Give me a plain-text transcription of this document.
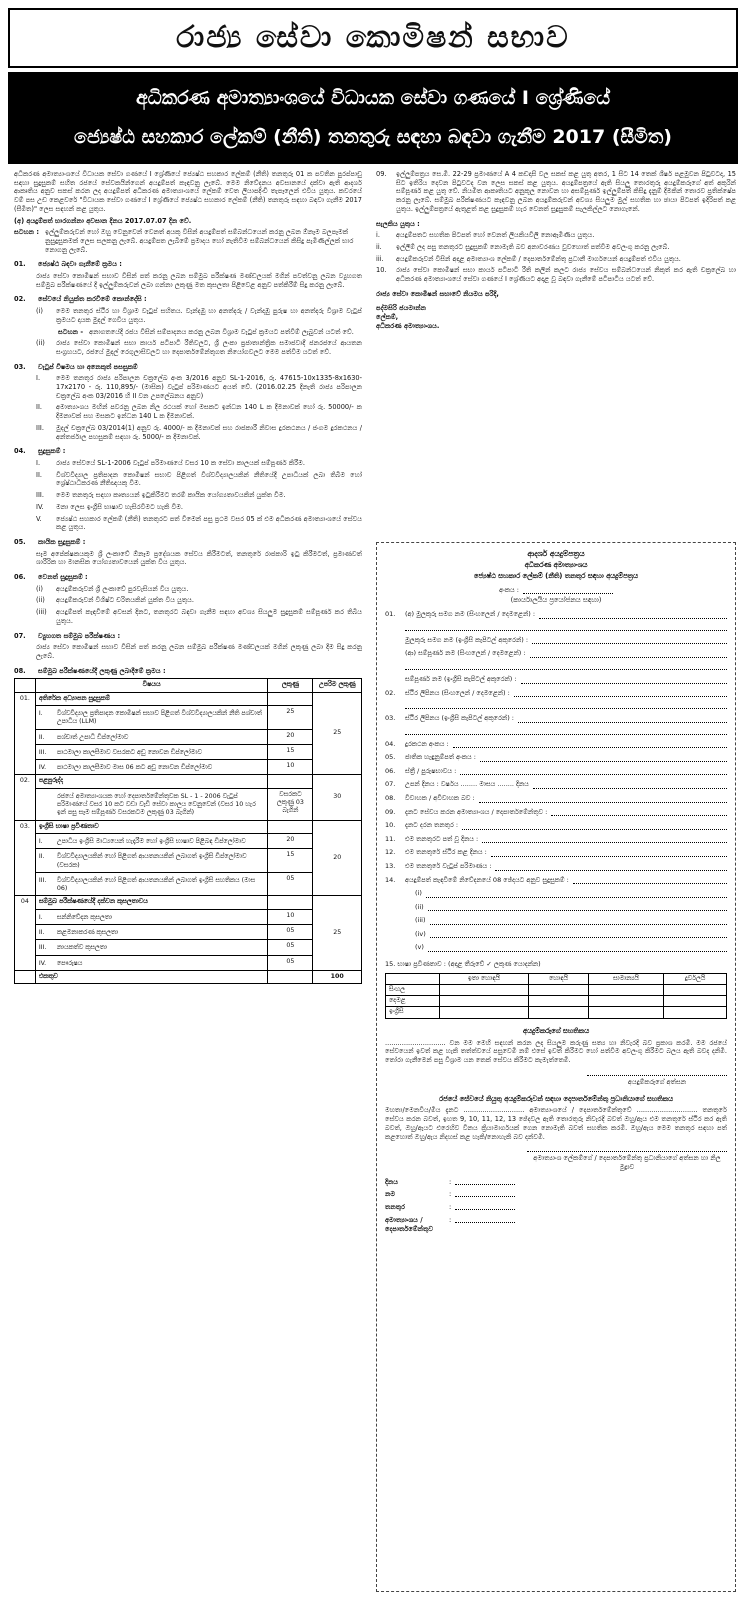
රාජ්‍ය සේවා කොමිෂන් සභාව
අධිකරණ අමාත්‍යාංශයේ විධායක සේවා ගණයේ I ශ්‍රේණියේ
ජ්‍යෙෂ්ඨ සහකාර ලේකම් (නීති) තනතුරු සඳහා බඳවා ගැනීම 2017 (සීමිත)

අධිකරණ අමාත්‍යාංශයේ විධායක සේවා ගණයේ I ශ්‍රේණියේ ජ්‍යෙෂ්ඨ සහකාර ලේකම් (නීති) තනතුරු 01 ක පවතින පුරප්පාඩු සඳහා සුදුසුකම් සහිත රජයේ සේවකයින්ගෙන් අයදුම්පත් කැඳවනු ලැබේ. මෙම නිවේදනය අවසානයේ දක්වා ඇති ආදර්ශ ආකෘතිය අනුව සකස් කරන ලද අයදුම්පත් අධිකරණ අමාත්‍යාංශයේ ලේකම් වෙත ලියාපදිංචි තැපෑලෙන් එවිය යුතුය. කවරයේ වම් පස උඩ කෙළවරේ "විධායක සේවා ගණයේ I ශ්‍රේණියේ ජ්‍යෙෂ්ඨ සහකාර ලේකම් (නීති) තනතුරු සඳහා බඳවා ගැනීම 2017 (සීමිත)" ලෙස සඳහන් කළ යුතුය.

(අ) අයදුම්පත් භාරගන්නා අවසාන දිනය 2017.07.07 දින වේ.

සටහන : ඉල්ලුම්කරුවන් හෝ ඔහු වෙනුවෙන් වෙනත් අයකු විසින් අයදුම්පත් සම්බන්ධයෙන් කරනු ලබන ඕනෑම බලපෑමක් නුසුදුසුකමක් ලෙස සලකනු ලැබේ. අයදුම්පත ලැබීමේ ප්‍රමාදය හෝ නැතිවීම සම්බන්ධයෙන් කිසිදු පැමිණිල්ලක් භාර නොගනු ලැබේ.
01.	ජ්‍යෙෂ්ඨ බඳවා ගැනීමේ ක්‍රමය :

රාජ්‍ය සේවා කොමිෂන් සභාව විසින් පත් කරනු ලබන සම්මුඛ පරීක්ෂණ මණ්ඩලයක් මගින් පවත්වනු ලබන ව්‍යුහගත සම්මුඛ පරීක්ෂණයේ දී ඉල්ලුම්කරුවන් ලබා ගන්නා ලකුණු මත කුසලතා පිළිවෙළ අනුව පත්කිරීම් සිදු කරනු ලැබේ.

02.	සේවයේ නියුක්ත කරවීමේ කොන්දේසි :
(i)	මෙම තනතුර ස්ථිර හා විශ්‍රාම වැටුප් සහිතය. වැන්දඹු හා අනත්දරු / වැන්දඹු පුරුෂ හා අනත්දරු විශ්‍රාම වැටුප් ක්‍රමයට දායක මුදල් ගෙවිය යුතුය.
සටහන - අනාගතයේදී රජය විසින් සම්පාදනය කරනු ලබන විශ්‍රාම වැටුප් ක්‍රමයට පත්වීම් ලැබුවන් යටත් වේ.
(ii)	රාජ්‍ය සේවා කොමිෂන් සභා කාර්ය පටිපාටි රීතිවලට, ශ්‍රී ලංකා ප්‍රජාතාන්ත්‍රික සමාජවාදී ජනරජයේ ආයතන සංග්‍රහයට, රජයේ මුදල් රෙගුලාසිවලට හා දෙපාර්තමේන්තුගත නියෝගවලට මෙම පත්වීම යටත් වේ.
03.	වැටුප් විෂමය හා අනෙකුත් පසසුකම්
I.	මෙම තනතුර රාජ්‍ය පරිපාලන චක්‍රලේඛ අංක 3/2016 අනුව SL-1-2016, රු. 47615-10x1335-8x1630-17x2170 - රු. 110,895/- (මාසික) වැටුප් පරිමාණයට අයත් වේ. (2016.02.25 දිනැති රාජ්‍ය පරිපාලන චක්‍රලේඛ අංක 03/2016 හි II වන උපලේඛනය අනුව)
II.	අමාත්‍යාංශය මඟින් පවරනු ලබන නිල රථයක් හෝ මසකට ඉන්ධන 140 L ක දීමනාවක් හෝ රු. 50000/- ක දීමනාවක් සහ මසකට ඉන්ධන 140 L ක දීමනාවක්.
III.	මුදල් චක්‍රලේඛ 03/2014(1) අනුව රු. 4000/- ක දීමනාවක් සහ රාජකාරී නිවාස දුරකථනය / ජංගම දුරකථනය / අන්තර්ජාල පහසුකම් සඳහා රු. 5000/- ක දීමනාවක්.
04.	සුදුසුකම් :
I.	රාජ්‍ය සේවයේ SL-1-2006 වැටුප් පරිමාණයේ වසර 10 ක සේවා කාලයක් සම්පූර්ණ කිරීම.
II.	විශ්වවිද්‍යාල ප්‍රතිපාදන කොමිෂන් සභාව පිළිගත් විශ්වවිද්‍යාලයකින් නීතියේදී උපාධියක් ලබා තිබීම හෝ ශ්‍රේෂ්ඨාධිකරණ නීතිඥයකු වීම.
III.	මෙම තනතුරු සඳහා කෘත්‍යයන් ඉටුකිරීමට තරම් කායික යෝග්‍යතාවයකින් යුක්ත වීම.
IV.	මනා ලෙස ඉංග්‍රීසි භාෂාව හැසිරවීමට හැකි වීම.
V.	ජ්‍යෙෂ්ඨ සහකාර ලේකම් (නීති) තනතුරට පත් වීමෙන් පසු ප්‍රථම වසර 05 ක් එම අධිකරණ අමාත්‍යාංශයේ සේවය කළ යුතුය.
05.	කායික සුදුසුකම් :

සෑම අපේක්ෂකයකුම ශ්‍රී ලංකාවේ ඕනෑම ප්‍රදේශයක සේවය කිරීමටත්, තනතුරේ රාජකාරි ඉටු කිරීමටත්, ප්‍රමාණවත් ශාරීරික හා මානසික යෝග්‍යතාවයෙන් යුක්ත විය යුතුය.

06.	වෙනත් සුදුසුකම් :
(i)	අයදුම්කරුවන් ශ්‍රී ලංකාවේ පුරවැසියන් විය යුතුය.
(ii)	අයදුම්කරුවන් විශිෂ්ට චරිතයකින් යුක්ත විය යුතුය.
(iii)	අයදුම්පත් කැඳවීමේ අවසන් දිනට, තනතුරට බඳවා ගැනීම සඳහා අවශ්‍ය සියලුම සුදුසුකම් සම්පූර්ණ කර තිබිය යුතුය.
07.	ව්‍යුහගත සම්මුඛ පරීක්ෂණය :

රාජ්‍ය සේවා කොමිෂන් සභාව විසින් පත් කරනු ලබන සම්මුඛ පරීක්ෂණ මණ්ඩලයක් මගින් ලකුණු ලබා දීම සිදු කරනු ලැබේ.

08.	සම්මුඛ පරීක්ෂණයේදී ලකුණු ලබාදීමේ ක්‍රමය :
	විෂයය	ලකුණු	උපරිම ලකුණු
01.	අතිරේක අධ්‍යාපන සුදුසුකම්		25

	I. විශ්වවිද්‍යාල ප්‍රතිපාදන කොමිෂන් සභාව පිළිගත් විශ්වවිද්‍යාලයකින් නීති පශ්චාත් උපාධිය (LLM)	25	

	II. පශ්චාත් උපාධි ඩිප්ලෝමාව	20	

	III. පාඨමාලා කාලසීමාව වසරකට අඩු නොවන ඩිප්ලෝමාව	15	

	IV. පාඨමාලා කාලසීමාව මාස 06 කට අඩු නොවන ඩිප්ලෝමාව	10	
02.	පළපුරුද්ද		30

	රජයේ අමාත්‍යාංශයක හෝ දෙපාර්තමේන්තුවක SL - 1 - 2006 වැටුප් පරිමාණයේ වසර 10 කට වඩා වැඩි සේවා කාලය වෙනුවෙන් (වසර 10 හැර ඉන් පසු සෑම සම්පූර්ණ වසරකටම ලකුණු 03 බැගින්)	වසරකට ලකුණු 03 බැගින්	
03.	ඉංග්‍රීසි භාෂා ප්‍රවීණතාව		20

	I. උපාධිය ඉංග්‍රීසි මාධ්‍යයෙන් හැදෑරීම හෝ ඉංග්‍රීසි භාෂාව පිළිබඳ ඩිප්ලෝමාව	20	

	II. විශ්වවිද්‍යාලයකින් හෝ පිළිගත් ආයතනයකින් ලබාගත් ඉංග්‍රීසි ඩිප්ලෝමාව (වසරක)	15	

	III. විශ්වවිද්‍යාලයකින් හෝ පිළිගත් ආයතනයකින් ලබාගත් ඉංග්‍රීසි සහතිකය (මාස 06)	05	
04	සම්මුඛ පරීක්ෂණයේදී දක්වන කුසලතාවය		25

	I. සන්නිවේදන කුසලතා	10	

	II. කළමනාකරණ කුසලතා	05	

	III. නායකත්ව කුසලතා	05	

	IV. පෞරුෂය	05	
	එකතුව		100
09.	ඉල්ලුම්පත්‍රය සෙ.මී. 22-29 ප්‍රමාණයේ A 4 කඩදාසි වල සකස් කළ යුතු අතර, 1 සිට 14 තෙක් ශීර්ෂ පළමුවන පිටුවටද, 15 සිට ඉතිරිය දෙවන පිටුවටද වන ලෙස සකස් කළ යුතුය. අයදුම්පත්‍රයේ ඇති සියලු තොරතුරු අයදුම්කරුගේ අත් අකුරින් සම්පූර්ණ කළ යුතු වේ. නියමිත ආකෘතියට අනුකූල නොවන හා අසම්පූර්ණ ඉල්ලුම්පත් කිසිදු දැනුම් දීමකින් තොරව ප්‍රතික්ෂේප කරනු ලැබේ. සම්මුඛ පරීක්ෂණයට කැඳවනු ලබන අයදුම්කරුවන් අවශ්‍ය සියලුම මුල් සහතික හා ඡායා පිටපත් ඉදිරිපත් කළ යුතුය. ඉල්ලුම්පත්‍රයේ ඇතුළත් කළ සුදුසුකම් හැර වෙනත් සුදුසුකම් සැලකිල්ලට නොගැනේ.
සැලකිය යුතුය :
i.	අයදුම්පතට සහතික පිටපත් හෝ වෙනත් ලියකියවිලි නොඇමිණිය යුතුය.
ii.	ඉල්ලීම් ලද පසු තනතුරට සුදුසුකම් නොමැති බව අනාවරණය වුවහොත් පත්වීම අවලංගු කරනු ලැබේ.
iii.	අයදුම්කරුවන් විසින් අදාළ අමාත්‍යාංශ ලේකම් / දෙපාර්තමේන්තු ප්‍රධානී මාර්ගයෙන් අයදුම්පත් එවිය යුතුය.
10.	රාජ්‍ය සේවා කොමිෂන් සභා කාර්ය පටිපාටි රීති කලින් කලට රාජ්‍ය සේවය සම්බන්ධයෙන් නිකුත් කර ඇති චක්‍රලේඛ හා අධිකරණ අමාත්‍යාංශයේ සේවා ගණයේ I ශ්‍රේණියට අදාළ වූ බඳවා ගැනීමේ පටිපාටිය යටත් වේ.

රාජ්‍ය සේවා කොමිෂන් සභාවේ නියමය පරිදි,

පද්මසිරි ජයමාන්න

ලේකම්,

අධිකරණ අමාත්‍යාංශය.

ආදර්ශ අයදුම්පත්‍රය
අධිකරණ අමාත්‍යාංශය
ජ්‍යෙෂ්ඨ සහකාර ලේකම් (නීති) තනතුර සඳහා අයදුම්පත්‍රය
අංකය :
(කාර්යාලයීය ප්‍රයෝජනය සඳහා)
01.	(අ) මුලකුරු සමග නම (සිංහලෙන් / දෙමළෙන්) :
මුලකුරු සමග නම (ඉංග්‍රීසි කැපිටල් අකුරෙන්) :
(ආ) සම්පූර්ණ නම (සිංහලෙන් / දෙමළෙන්) :
සම්පූර්ණ නම (ඉංග්‍රීසි කැපිටල් අකුරෙන්) :
02.	ස්ථිර ලිපිනය (සිංහලෙන් / දෙමළෙන්) :
03.	ස්ථිර ලිපිනය (ඉංග්‍රීසි කැපිටල් අකුරෙන්) :
04.	දුරකථන අංකය :
05.	ජාතික හැඳුනුම්පත් අංකය :
06.	ස්ත්‍රී / පුරුෂභාවය :
07.	උපන් දිනය : වර්ෂය ........ මාසය ........ දිනය
08.	විවාහක / අවිවාහක බව :
09.	දැනට සේවය කරන අමාත්‍යාංශය / දෙපාර්තමේන්තුව :
10.	දැනට දරන තනතුර :
11.	එම තනතුරට පත් වූ දිනය :
12.	එම තනතුරේ ස්ථිර කළ දිනය :
13.	එම තනතුරේ වැටුප් පරිමාණය :
14.	අයදුම්පත් කැඳවීමේ නිවේදනයේ 08 ඡේදයට අනුව සුදුසුකම් :
(i)
(ii)
(iii)
(iv)
(v)
15. භාෂා ප්‍රවීණතාව : (අදාළ තීරුවේ ✓ ලකුණ යොදන්න)
	ඉතා හොඳයි	හොඳයි	සාමාන්‍යයි	දුර්වලයි
සිංහල				
දෙමළ				
ඉංග්‍රීසි				
අයදුම්කරුගේ සහතිකය

............................. වන මම මෙහි සඳහන් කරන ලද සියලුම කරුණු සත්‍ය හා නිවැරදි බව ප්‍රකාශ කරමි. මම රජයේ සේවයෙන් ඉවත් කළ හැකි තත්ත්වයේ පසුවෙමි නම් එසේ ඉවත් කිරීමට හෝ පත්වීම අවලංගු කිරීමට බලය ඇති බවද දනිමි. තෝරා ගැනීමෙන් පසු විශ්‍රාම යන තෙක් සේවය කිරීමට කැමැත්තෙමි.

අයදුම්කරුගේ අත්සන
රජයේ සේවයේ නියුතු අයදුම්කරුවන් සඳහා දෙපාර්තමේන්තු ප්‍රධානියාගේ සහතිකය

මහතා/මෙනවිය/මිය දැනට ............................. අමාත්‍යාංශයේ / දෙපාර්තමේන්තුවේ ............................. තනතුරේ සේවය කරන බවත්, ඉහත 9, 10, 11, 12, 13 ඡේදවල ඇති තොරතුරු නිවැරදි බවත් ඔහු/ඇය එම තනතුරේ ස්ථිර කර ඇති බවත්, ඔහු/ඇයට එරෙහිව විනය ක්‍රියාමාර්ගයක් ගෙන නොමැති බවත් සහතික කරමි. ඔහු/ඇය මෙම තනතුර සඳහා පත් කළහොත් ඔහු/ඇය නිදහස් කළ හැකි/නොහැකි බව දන්වමි.

අමාත්‍යාංශ ලේකම්ගේ / දෙපාර්තමේන්තු ප්‍රධානියාගේ අත්සන හා නිල මුද්‍රාව
දිනය	:
නම	:
තනතුර	:
අමාත්‍යාංශය / දෙපාර්තමේන්තුව
:
